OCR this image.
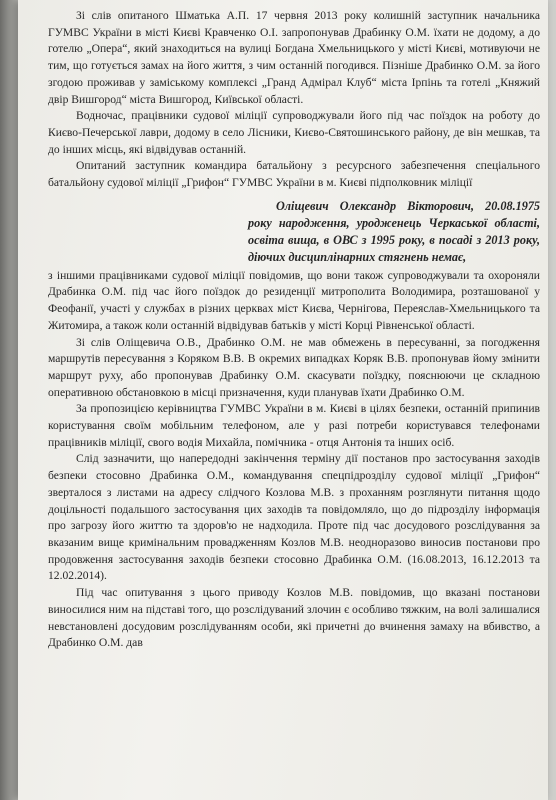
Зі слів опитаного Шматька А.П. 17 червня 2013 року колишній заступник начальника ГУМВС України в місті Києві Кравченко О.І. запропонував Драбинку О.М. їхати не додому, а до готелю „Опера“, який знаходиться на вулиці Богдана Хмельницького у місті Києві, мотивуючи не тим, що готується замах на його життя, з чим останній погодився. Пізніше Драбинко О.М. за його згодою проживав у заміському комплексі „Гранд Адмірал Клуб“ міста Ірпінь та готелі „Княжий двір Вишгород“ міста Вишгород, Київської області.

Водночас, працівники судової міліції супроводжували його під час поїздок на роботу до Києво-Печерської лаври, додому в село Лісники, Києво-Святошинського району, де він мешкав, та до інших місць, які відвідував останній.

Опитаний заступник командира батальйону з ресурсного забезпечення спеціального батальйону судової міліції „Грифон“ ГУМВС України в м. Києві підполковник міліції

Оліщевич Олександр Вікторович, 20.08.1975 року народження, уродженець Черкаської області, освіта вища, в ОВС з 1995 року, в посаді з 2013 року, діючих дисциплінарних стягнень немає,

з іншими працівниками судової міліції повідомив, що вони також супроводжували та охороняли Драбинка О.М. під час його поїздок до резиденції митрополита Володимира, розташованої у Феофанії, участі у службах в різних церквах міст Києва, Чернігова, Переяслав-Хмельницького та Житомира, а також коли останній відвідував батьків у місті Корці Рівненської області.

Зі слів Оліщевича О.В., Драбинко О.М. не мав обмежень в пересуванні, за погодження маршрутів пересування з Коряком В.В. В окремих випадках Коряк В.В. пропонував йому змінити маршрут руху, або пропонував Драбинку О.М. скасувати поїздку, пояснюючи це складною оперативною обстановкою в місці призначення, куди планував їхати Драбинко О.М.

За пропозицією керівництва ГУМВС України в м. Києві в цілях безпеки, останній припинив користування своїм мобільним телефоном, але у разі потреби користувався телефонами працівників міліції, свого водія Михайла, помічника - отця Антонія та інших осіб.

Слід зазначити, що напередодні закінчення терміну дії постанов про застосування заходів безпеки стосовно Драбинка О.М., командування спецпідрозділу судової міліції „Грифон“ зверталося з листами на адресу слідчого Козлова М.В. з проханням розглянути питання щодо доцільності подальшого застосування цих заходів та повідомляло, що до підрозділу інформація про загрозу його життю та здоров'ю не надходила. Проте під час досудового розслідування за вказаним вище кримінальним провадженням Козлов М.В. неодноразово виносив постанови про продовження застосування заходів безпеки стосовно Драбинка О.М. (16.08.2013, 16.12.2013 та 12.02.2014).

Під час опитування з цього приводу Козлов М.В. повідомив, що вказані постанови виносилися ним на підставі того, що розслідуваний злочин є особливо тяжким, на волі залишалися невстановлені досудовим розслідуванням особи, які причетні до вчинення замаху на вбивство, а Драбинко О.М. дав
